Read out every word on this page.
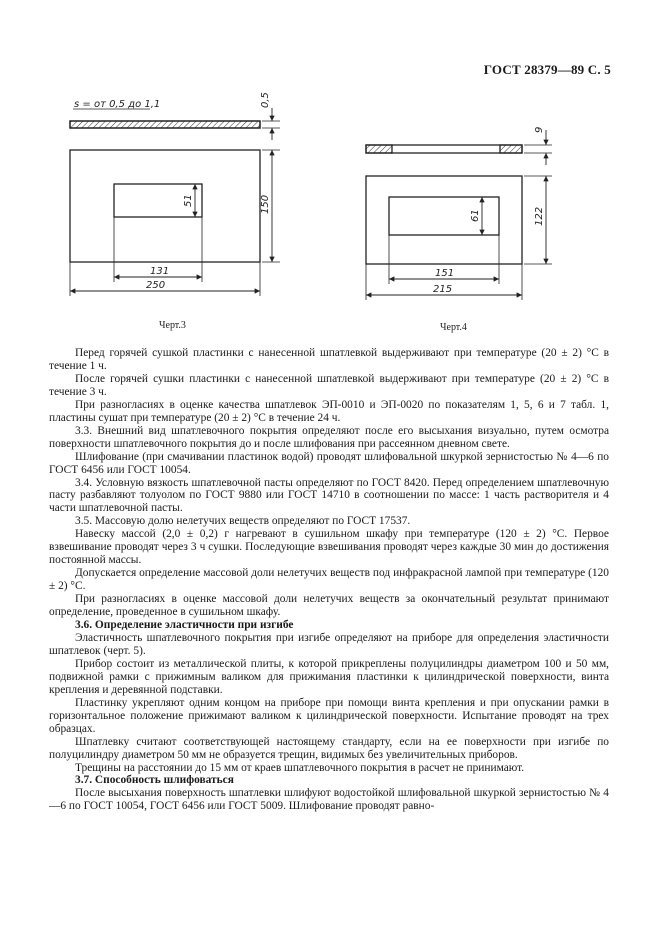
ГОСТ 28379—89 С. 5
s = от 0,5 до 1,1	0,5
51	150
131
250
Черт.3
9
61	122
151
215
Черт.4

Перед горячей сушкой пластинки с нанесенной шпатлевкой выдерживают при температуре (20 ± 2) °С в течение 1 ч.

После горячей сушки пластинки с нанесенной шпатлевкой выдерживают при температуре (20 ± 2) °С в течение 3 ч.

При разногласиях в оценке качества шпатлевок ЭП-0010 и ЭП-0020 по показателям 1, 5, 6 и 7 табл. 1, пластины сушат при температуре (20 ± 2) °С в течение 24 ч.

3.3. Внешний вид шпатлевочного покрытия определяют после его высыхания визуально, путем осмотра поверхности шпатлевочного покрытия до и после шлифования при рассеянном дневном свете.

Шлифование (при смачивании пластинок водой) проводят шлифовальной шкуркой зернистостью № 4—6 по ГОСТ 6456 или ГОСТ 10054.

3.4. Условную вязкость шпатлевочной пасты определяют по ГОСТ 8420. Перед определением шпатлевочную пасту разбавляют толуолом по ГОСТ 9880 или ГОСТ 14710 в соотношении по массе: 1 часть растворителя и 4 части шпатлевочной пасты.

3.5. Массовую долю нелетучих веществ определяют по ГОСТ 17537.

Навеску массой (2,0 ± 0,2) г нагревают в сушильном шкафу при температуре (120 ± 2) °С. Первое взвешивание проводят через 3 ч сушки. Последующие взвешивания проводят через каждые 30 мин до достижения постоянной массы.

Допускается определение массовой доли нелетучих веществ под инфракрасной лампой при температуре (120 ± 2) °С.

При разногласиях в оценке массовой доли нелетучих веществ за окончательный результат принимают определение, проведенное в сушильном шкафу.

3.6. Определение эластичности при изгибе

Эластичность шпатлевочного покрытия при изгибе определяют на приборе для определения эластичности шпатлевок (черт. 5).

Прибор состоит из металлической плиты, к которой прикреплены полуцилиндры диаметром 100 и 50 мм, подвижной рамки с прижимным валиком для прижимания пластинки к цилиндрической поверхности, винта крепления и деревянной подставки.

Пластинку укрепляют одним концом на приборе при помощи винта крепления и при опускании рамки в горизонтальное положение прижимают валиком к цилиндрической поверхности. Испытание проводят на трех образцах.

Шпатлевку считают соответствующей настоящему стандарту, если на ее поверхности при изгибе по полуцилиндру диаметром 50 мм не образуется трещин, видимых без увеличительных приборов.

Трещины на расстоянии до 15 мм от краев шпатлевочного покрытия в расчет не принимают.

3.7. Способность шлифоваться

После высыхания поверхность шпатлевки шлифуют водостойкой шлифовальной шкуркой зернистостью № 4—6 по ГОСТ 10054, ГОСТ 6456 или ГОСТ 5009. Шлифование проводят равно-
